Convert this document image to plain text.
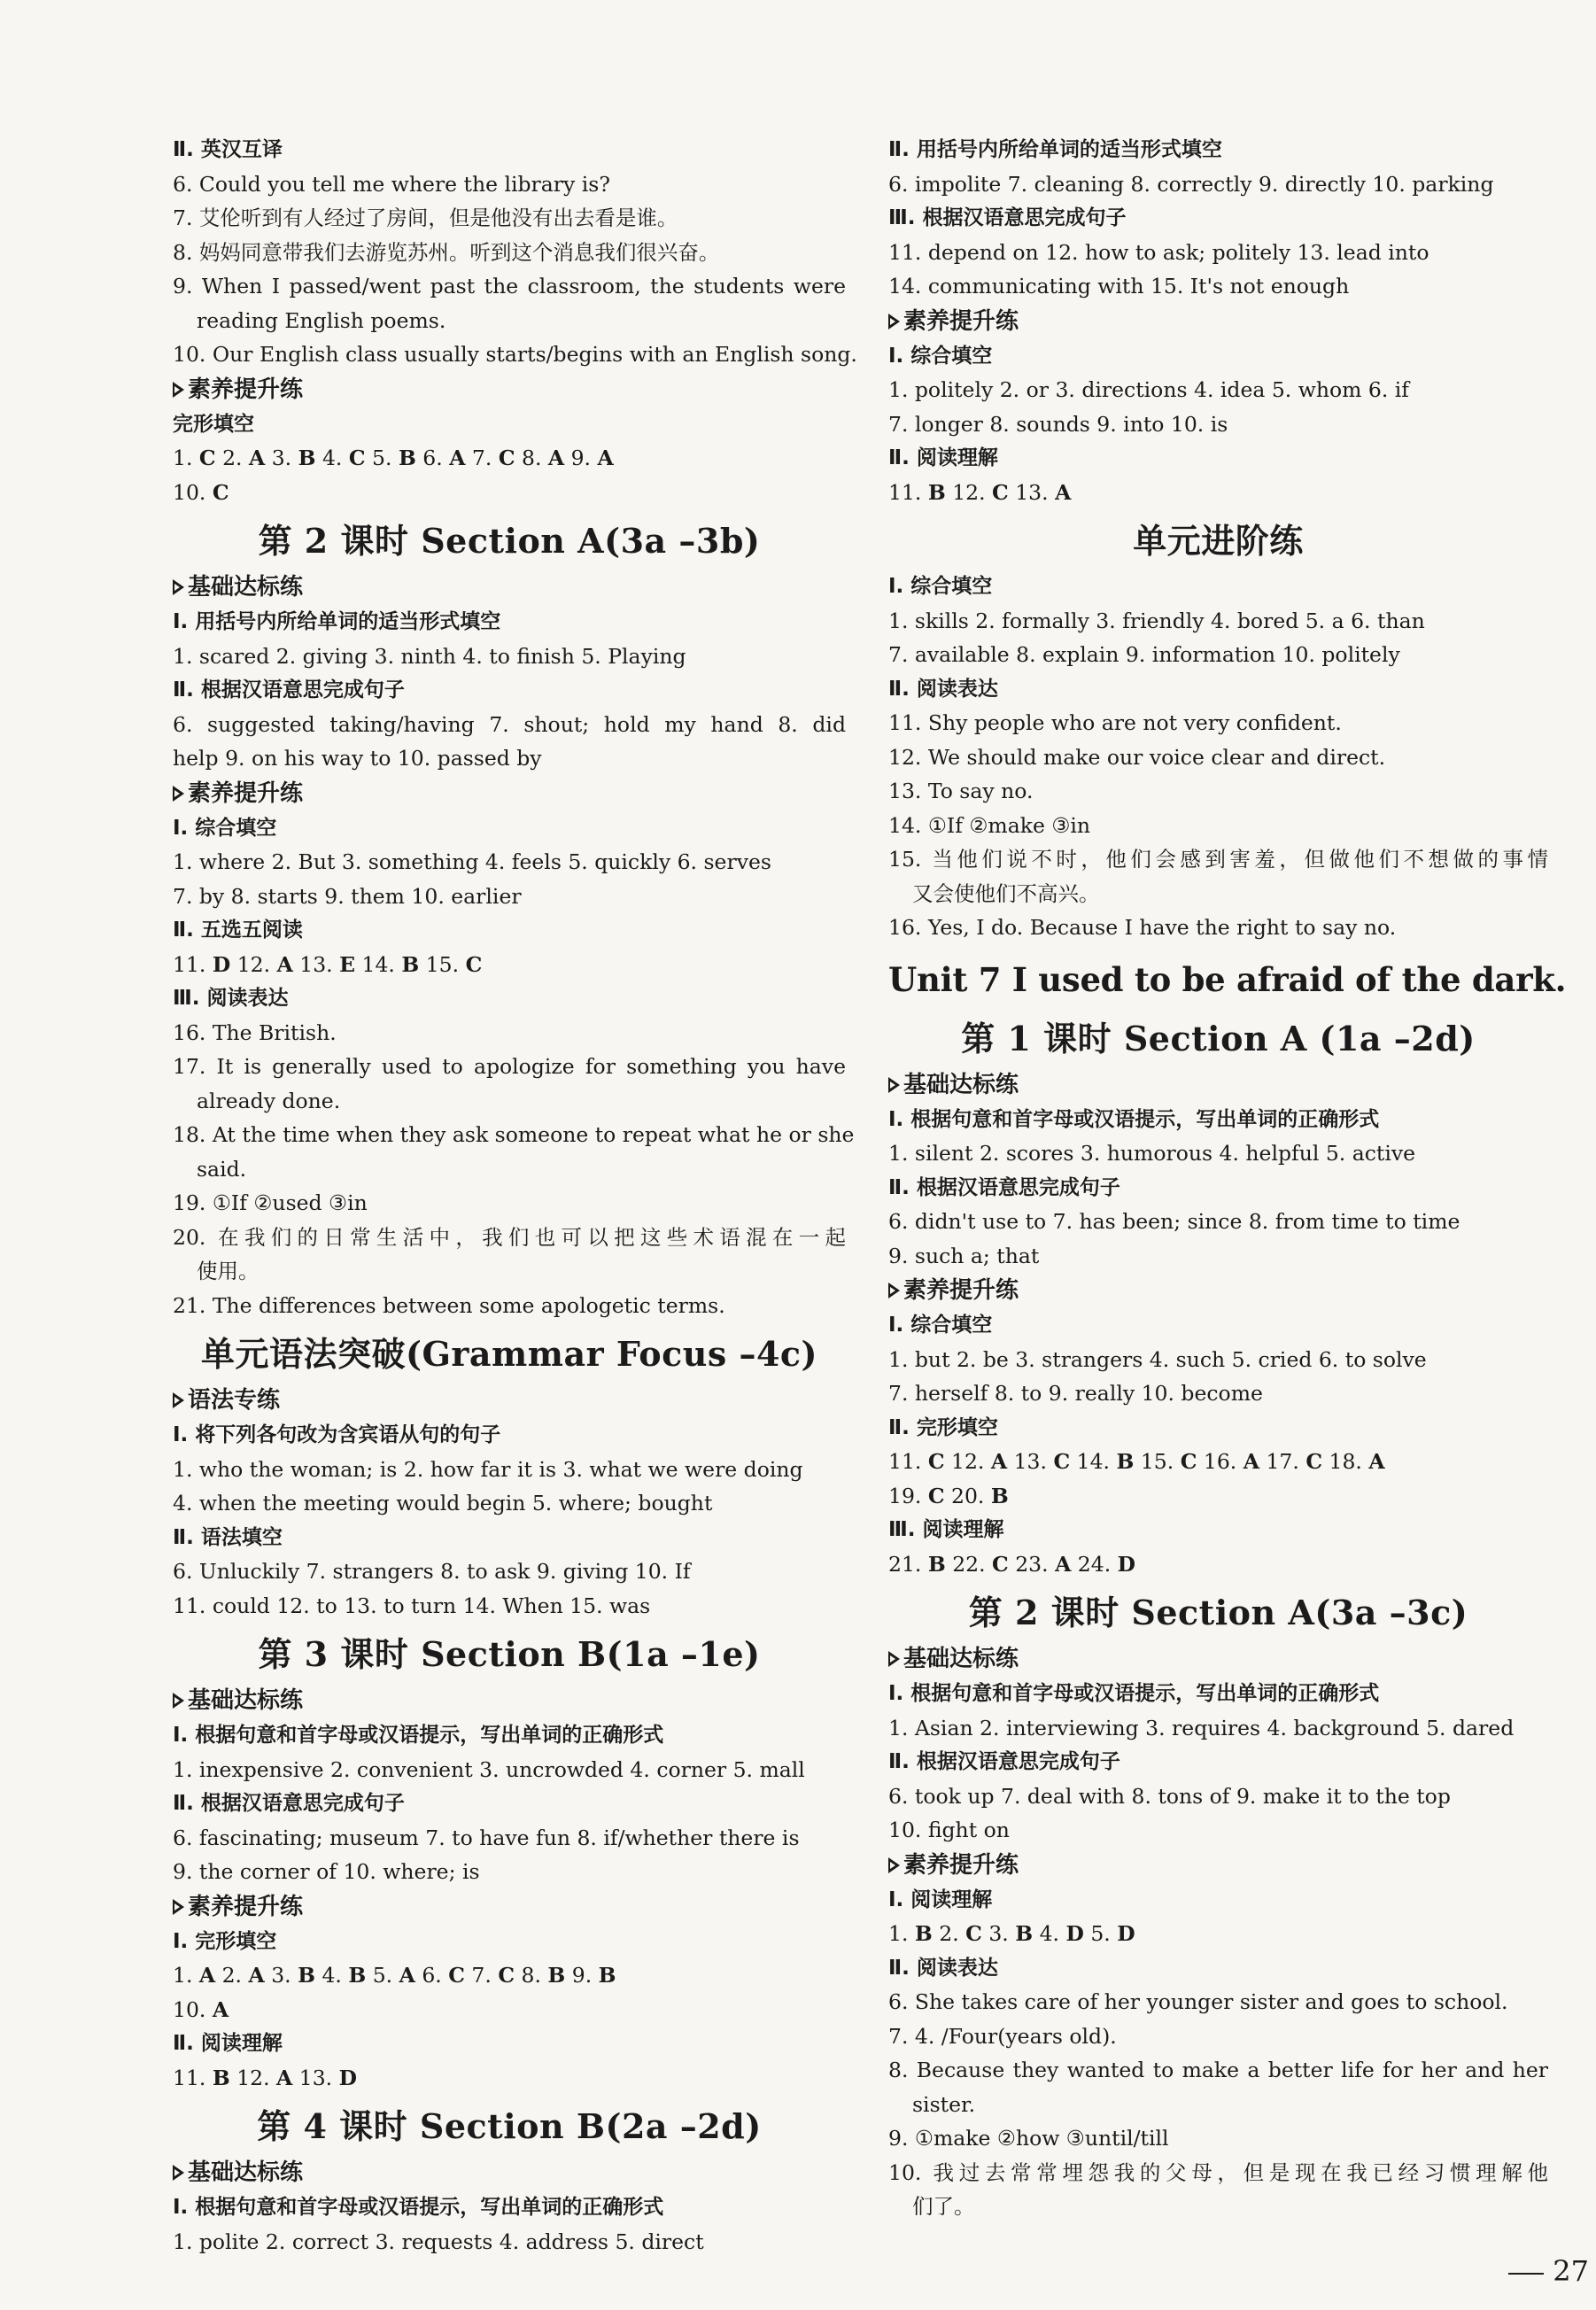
Ⅱ. 英汉互译
6. Could you tell me where the library is?
7. 艾伦听到有人经过了房间，但是他没有出去看是谁。
8. 妈妈同意带我们去游览苏州。听到这个消息我们很兴奋。
9. When I passed/went past the classroom, the students were
reading English poems.
10. Our English class usually starts/begins with an English song.
素养提升练
完形填空
1. C 2. A 3. B 4. C 5. B 6. A 7. C 8. A 9. A
10. C
第 2 课时 Section A(3a –3b)
基础达标练
Ⅰ. 用括号内所给单词的适当形式填空
1. scared 2. giving 3. ninth 4. to finish 5. Playing
Ⅱ. 根据汉语意思完成句子
6. suggested taking/having 7. shout; hold my hand 8. did
help 9. on his way to 10. passed by
素养提升练
Ⅰ. 综合填空
1. where 2. But 3. something 4. feels 5. quickly 6. serves
7. by 8. starts 9. them 10. earlier
Ⅱ. 五选五阅读
11. D 12. A 13. E 14. B 15. C
Ⅲ. 阅读表达
16. The British.
17. It is generally used to apologize for something you have
already done.
18. At the time when they ask someone to repeat what he or she
said.
19. ①If ②used ③in
20. 在我们的日常生活中，我们也可以把这些术语混在一起
使用。
21. The differences between some apologetic terms.
单元语法突破(Grammar Focus –4c)
语法专练
Ⅰ. 将下列各句改为含宾语从句的句子
1. who the woman; is 2. how far it is 3. what we were doing
4. when the meeting would begin 5. where; bought
Ⅱ. 语法填空
6. Unluckily 7. strangers 8. to ask 9. giving 10. If
11. could 12. to 13. to turn 14. When 15. was
第 3 课时 Section B(1a –1e)
基础达标练
Ⅰ. 根据句意和首字母或汉语提示，写出单词的正确形式
1. inexpensive 2. convenient 3. uncrowded 4. corner 5. mall
Ⅱ. 根据汉语意思完成句子
6. fascinating; museum 7. to have fun 8. if/whether there is
9. the corner of 10. where; is
素养提升练
Ⅰ. 完形填空
1. A 2. A 3. B 4. B 5. A 6. C 7. C 8. B 9. B
10. A
Ⅱ. 阅读理解
11. B 12. A 13. D
第 4 课时 Section B(2a –2d)
基础达标练
Ⅰ. 根据句意和首字母或汉语提示，写出单词的正确形式
1. polite 2. correct 3. requests 4. address 5. direct
Ⅱ. 用括号内所给单词的适当形式填空
6. impolite 7. cleaning 8. correctly 9. directly 10. parking
Ⅲ. 根据汉语意思完成句子
11. depend on 12. how to ask; politely 13. lead into
14. communicating with 15. It's not enough
素养提升练
Ⅰ. 综合填空
1. politely 2. or 3. directions 4. idea 5. whom 6. if
7. longer 8. sounds 9. into 10. is
Ⅱ. 阅读理解
11. B 12. C 13. A
单元进阶练
Ⅰ. 综合填空
1. skills 2. formally 3. friendly 4. bored 5. a 6. than
7. available 8. explain 9. information 10. politely
Ⅱ. 阅读表达
11. Shy people who are not very confident.
12. We should make our voice clear and direct.
13. To say no.
14. ①If ②make ③in
15. 当他们说不时，他们会感到害羞，但做他们不想做的事情
又会使他们不高兴。
16. Yes, I do. Because I have the right to say no.
Unit 7 I used to be afraid of the dark.
第 1 课时 Section A (1a –2d)
基础达标练
Ⅰ. 根据句意和首字母或汉语提示，写出单词的正确形式
1. silent 2. scores 3. humorous 4. helpful 5. active
Ⅱ. 根据汉语意思完成句子
6. didn't use to 7. has been; since 8. from time to time
9. such a; that
素养提升练
Ⅰ. 综合填空
1. but 2. be 3. strangers 4. such 5. cried 6. to solve
7. herself 8. to 9. really 10. become
Ⅱ. 完形填空
11. C 12. A 13. C 14. B 15. C 16. A 17. C 18. A
19. C 20. B
Ⅲ. 阅读理解
21. B 22. C 23. A 24. D
第 2 课时 Section A(3a –3c)
基础达标练
Ⅰ. 根据句意和首字母或汉语提示，写出单词的正确形式
1. Asian 2. interviewing 3. requires 4. background 5. dared
Ⅱ. 根据汉语意思完成句子
6. took up 7. deal with 8. tons of 9. make it to the top
10. fight on
素养提升练
Ⅰ. 阅读理解
1. B 2. C 3. B 4. D 5. D
Ⅱ. 阅读表达
6. She takes care of her younger sister and goes to school.
7. 4. /Four(years old).
8. Because they wanted to make a better life for her and her
sister.
9. ①make ②how ③until/till
10. 我过去常常埋怨我的父母，但是现在我已经习惯理解他
们了。
27
